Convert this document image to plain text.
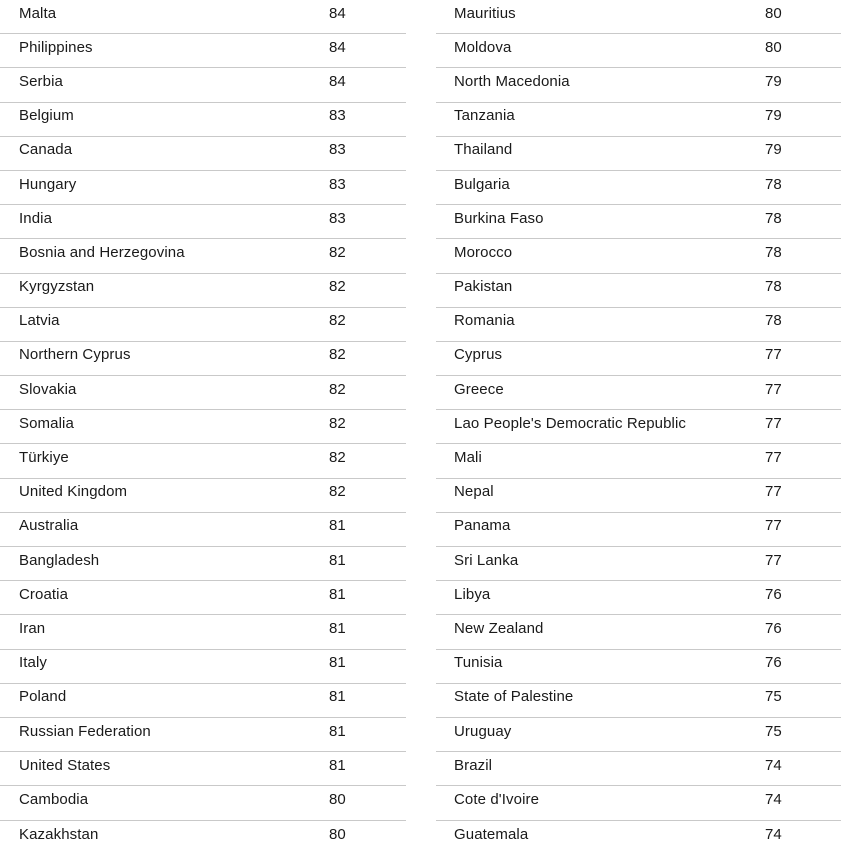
Malta	84
Philippines	84
Serbia	84
Belgium	83
Canada	83
Hungary	83
India	83
Bosnia and Herzegovina	82
Kyrgyzstan	82
Latvia	82
Northern Cyprus	82
Slovakia	82
Somalia	82
Türkiye	82
United Kingdom	82
Australia	81
Bangladesh	81
Croatia	81
Iran	81
Italy	81
Poland	81
Russian Federation	81
United States	81
Cambodia	80
Kazakhstan	80
Mauritius	80
Moldova	80
North Macedonia	79
Tanzania	79
Thailand	79
Bulgaria	78
Burkina Faso	78
Morocco	78
Pakistan	78
Romania	78
Cyprus	77
Greece	77
Lao People's Democratic Republic	77
Mali	77
Nepal	77
Panama	77
Sri Lanka	77
Libya	76
New Zealand	76
Tunisia	76
State of Palestine	75
Uruguay	75
Brazil	74
Cote d'Ivoire	74
Guatemala	74
